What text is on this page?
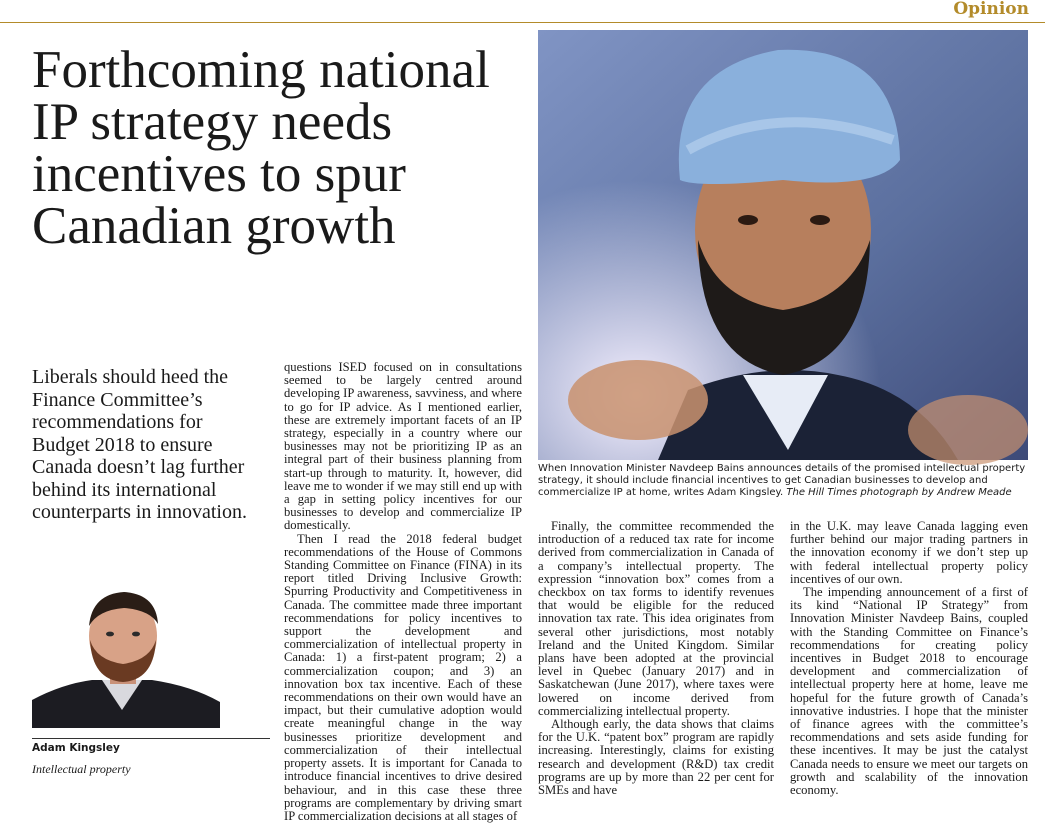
Opinion
Forthcoming national IP strategy needs incentives to spur Canadian growth

Liberals should heed the Finance Committee’s recommendations for Budget 2018 to ensure Canada doesn’t lag further behind its international counterparts in innovation.

Adam Kingsley
Intellectual property

questions ISED focused on in consultations seemed to be largely centred around developing IP awareness, savviness, and where to go for IP advice. As I mentioned earlier, these are extremely important facets of an IP strategy, especially in a country where our businesses may not be prioritizing IP as an integral part of their business planning from start-up through to maturity. It, however, did leave me to wonder if we may still end up with a gap in setting policy incentives for our businesses to develop and commercialize IP domestically.

Then I read the 2018 federal budget recommendations of the House of Commons Standing Committee on Finance (FINA) in its report titled Driving Inclusive Growth: Spurring Productivity and Competitiveness in Canada. The committee made three important recommendations for policy incentives to support the development and commercialization of intellectual property in Canada: 1) a first-patent program; 2) a commercialization coupon; and 3) an innovation box tax incentive. Each of these recommendations on their own would have an impact, but their cumulative adoption would create meaningful change in the way businesses prioritize development and commercialization of their intellectual property assets. It is important for Canada to introduce financial incentives to drive desired behaviour, and in this case these three programs are complementary by driving smart IP commercialization decisions at all stages of

When Innovation Minister Navdeep Bains announces details of the promised intellectual property strategy, it should include financial incentives to get Canadian businesses to develop and commercialize IP at home, writes Adam Kingsley. The Hill Times photograph by Andrew Meade

Finally, the committee recommended the introduction of a reduced tax rate for income derived from commercialization in Canada of a company’s intellectual property. The expression “innovation box” comes from a checkbox on tax forms to identify revenues that would be eligible for the reduced innovation tax rate. This idea originates from several other jurisdictions, most notably Ireland and the United Kingdom. Similar plans have been adopted at the provincial level in Quebec (January 2017) and in Saskatchewan (June 2017), where taxes were lowered on income derived from commercializing intellectual property.

Although early, the data shows that claims for the U.K. “patent box” program are rapidly increasing. Interestingly, claims for existing research and development (R&D) tax credit programs are up by more than 22 per cent for SMEs and have

in the U.K. may leave Canada lagging even further behind our major trading partners in the innovation economy if we don’t step up with federal intellectual property policy incentives of our own.

The impending announcement of a first of its kind “National IP Strategy” from Innovation Minister Navdeep Bains, coupled with the Standing Committee on Finance’s recommendations for creating policy incentives in Budget 2018 to encourage development and commercialization of intellectual property here at home, leave me hopeful for the future growth of Canada’s innovative industries. I hope that the minister of finance agrees with the committee’s recommendations and sets aside funding for these incentives. It may be just the catalyst Canada needs to ensure we meet our targets on growth and scalability of the innovation economy.
